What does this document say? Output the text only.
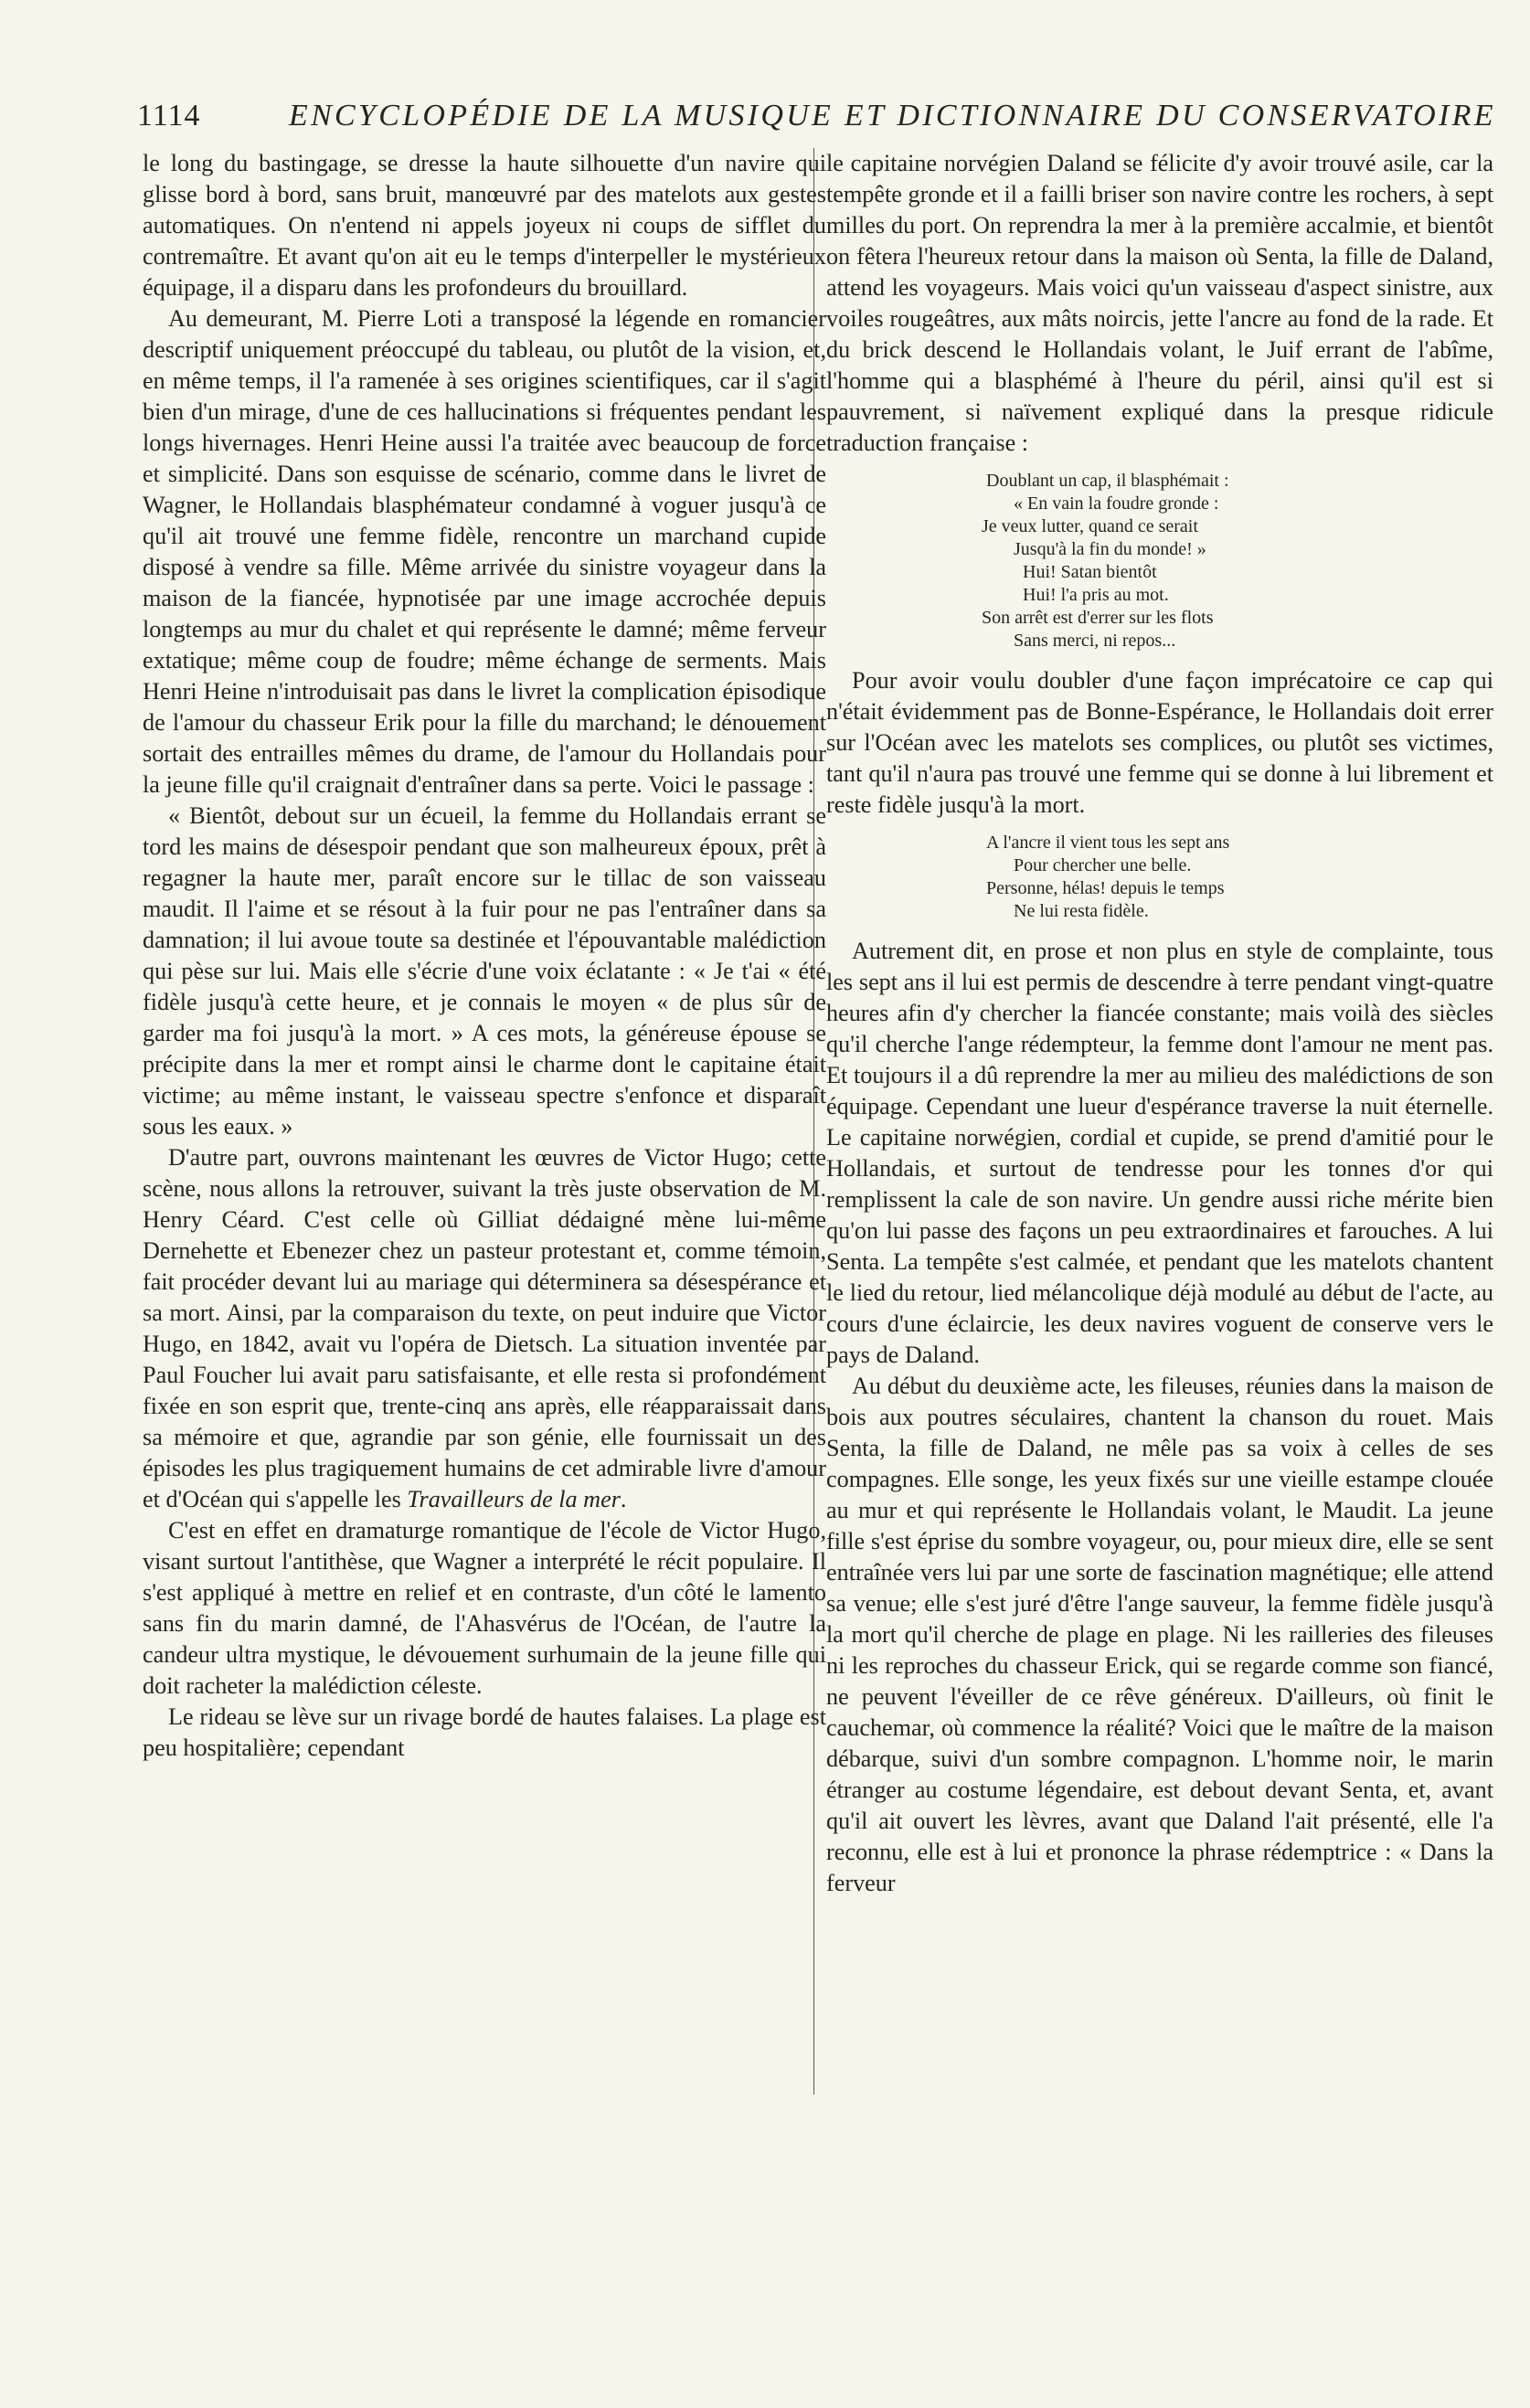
1114	ENCYCLOPÉDIE DE LA MUSIQUE ET DICTIONNAIRE DU CONSERVATOIRE

le long du bastingage, se dresse la haute silhouette d'un navire qui glisse bord à bord, sans bruit, manœuvré par des matelots aux gestes automatiques. On n'entend ni appels joyeux ni coups de sifflet du contremaître. Et avant qu'on ait eu le temps d'interpeller le mystérieux équipage, il a disparu dans les profondeurs du brouillard.

Au demeurant, M. Pierre Loti a transposé la légende en romancier descriptif uniquement préoccupé du tableau, ou plutôt de la vision, et, en même temps, il l'a ramenée à ses origines scientifiques, car il s'agit bien d'un mirage, d'une de ces hallucinations si fréquentes pendant les longs hivernages. Henri Heine aussi l'a traitée avec beaucoup de force et simplicité. Dans son esquisse de scénario, comme dans le livret de Wagner, le Hollandais blasphémateur condamné à voguer jusqu'à ce qu'il ait trouvé une femme fidèle, rencontre un marchand cupide disposé à vendre sa fille. Même arrivée du sinistre voyageur dans la maison de la fiancée, hypnotisée par une image accrochée depuis longtemps au mur du chalet et qui représente le damné; même ferveur extatique; même coup de foudre; même échange de serments. Mais Henri Heine n'introduisait pas dans le livret la complication épisodique de l'amour du chasseur Erik pour la fille du marchand; le dénouement sortait des entrailles mêmes du drame, de l'amour du Hollandais pour la jeune fille qu'il craignait d'entraîner dans sa perte. Voici le passage :

« Bientôt, debout sur un écueil, la femme du Hollandais errant se tord les mains de désespoir pendant que son malheureux époux, prêt à regagner la haute mer, paraît encore sur le tillac de son vaisseau maudit. Il l'aime et se résout à la fuir pour ne pas l'entraîner dans sa damnation; il lui avoue toute sa destinée et l'épouvantable malédiction qui pèse sur lui. Mais elle s'écrie d'une voix éclatante : « Je t'ai « été fidèle jusqu'à cette heure, et je connais le moyen « de plus sûr de garder ma foi jusqu'à la mort. » A ces mots, la généreuse épouse se précipite dans la mer et rompt ainsi le charme dont le capitaine était victime; au même instant, le vaisseau spectre s'enfonce et disparaît sous les eaux. »

D'autre part, ouvrons maintenant les œuvres de Victor Hugo; cette scène, nous allons la retrouver, suivant la très juste observation de M. Henry Céard. C'est celle où Gilliat dédaigné mène lui-même Dernehette et Ebenezer chez un pasteur protestant et, comme témoin, fait procéder devant lui au mariage qui déterminera sa désespérance et sa mort. Ainsi, par la comparaison du texte, on peut induire que Victor Hugo, en 1842, avait vu l'opéra de Dietsch. La situation inventée par Paul Foucher lui avait paru satisfaisante, et elle resta si profondément fixée en son esprit que, trente-cinq ans après, elle réapparaissait dans sa mémoire et que, agrandie par son génie, elle fournissait un des épisodes les plus tragiquement humains de cet admirable livre d'amour et d'Océan qui s'appelle les Travailleurs de la mer.

C'est en effet en dramaturge romantique de l'école de Victor Hugo, visant surtout l'antithèse, que Wagner a interprété le récit populaire. Il s'est appliqué à mettre en relief et en contraste, d'un côté le lamento sans fin du marin damné, de l'Ahasvérus de l'Océan, de l'autre la candeur ultra mystique, le dévouement surhumain de la jeune fille qui doit racheter la malédiction céleste.

Le rideau se lève sur un rivage bordé de hautes falaises. La plage est peu hospitalière; cependant

le capitaine norvégien Daland se félicite d'y avoir trouvé asile, car la tempête gronde et il a failli briser son navire contre les rochers, à sept milles du port. On reprendra la mer à la première accalmie, et bientôt on fêtera l'heureux retour dans la maison où Senta, la fille de Daland, attend les voyageurs. Mais voici qu'un vaisseau d'aspect sinistre, aux voiles rougeâtres, aux mâts noircis, jette l'ancre au fond de la rade. Et du brick descend le Hollandais volant, le Juif errant de l'abîme, l'homme qui a blasphémé à l'heure du péril, ainsi qu'il est si pauvrement, si naïvement expliqué dans la presque ridicule traduction française :

Doublant un cap, il blasphémait :
« En vain la foudre gronde :
Je veux lutter, quand ce serait
Jusqu'à la fin du monde! »
Hui! Satan bientôt
Hui! l'a pris au mot.
Son arrêt est d'errer sur les flots
Sans merci, ni repos...

Pour avoir voulu doubler d'une façon imprécatoire ce cap qui n'était évidemment pas de Bonne-Espérance, le Hollandais doit errer sur l'Océan avec les matelots ses complices, ou plutôt ses victimes, tant qu'il n'aura pas trouvé une femme qui se donne à lui librement et reste fidèle jusqu'à la mort.

A l'ancre il vient tous les sept ans
Pour chercher une belle.
Personne, hélas! depuis le temps
Ne lui resta fidèle.

Autrement dit, en prose et non plus en style de complainte, tous les sept ans il lui est permis de descendre à terre pendant vingt-quatre heures afin d'y chercher la fiancée constante; mais voilà des siècles qu'il cherche l'ange rédempteur, la femme dont l'amour ne ment pas. Et toujours il a dû reprendre la mer au milieu des malédictions de son équipage. Cependant une lueur d'espérance traverse la nuit éternelle. Le capitaine norwégien, cordial et cupide, se prend d'amitié pour le Hollandais, et surtout de tendresse pour les tonnes d'or qui remplissent la cale de son navire. Un gendre aussi riche mérite bien qu'on lui passe des façons un peu extraordinaires et farouches. A lui Senta. La tempête s'est calmée, et pendant que les matelots chantent le lied du retour, lied mélancolique déjà modulé au début de l'acte, au cours d'une éclaircie, les deux navires voguent de conserve vers le pays de Daland.

Au début du deuxième acte, les fileuses, réunies dans la maison de bois aux poutres séculaires, chantent la chanson du rouet. Mais Senta, la fille de Daland, ne mêle pas sa voix à celles de ses compagnes. Elle songe, les yeux fixés sur une vieille estampe clouée au mur et qui représente le Hollandais volant, le Maudit. La jeune fille s'est éprise du sombre voyageur, ou, pour mieux dire, elle se sent entraînée vers lui par une sorte de fascination magnétique; elle attend sa venue; elle s'est juré d'être l'ange sauveur, la femme fidèle jusqu'à la mort qu'il cherche de plage en plage. Ni les railleries des fileuses ni les reproches du chasseur Erick, qui se regarde comme son fiancé, ne peuvent l'éveiller de ce rêve généreux. D'ailleurs, où finit le cauchemar, où commence la réalité? Voici que le maître de la maison débarque, suivi d'un sombre compagnon. L'homme noir, le marin étranger au costume légendaire, est debout devant Senta, et, avant qu'il ait ouvert les lèvres, avant que Daland l'ait présenté, elle l'a reconnu, elle est à lui et prononce la phrase rédemptrice : « Dans la ferveur
